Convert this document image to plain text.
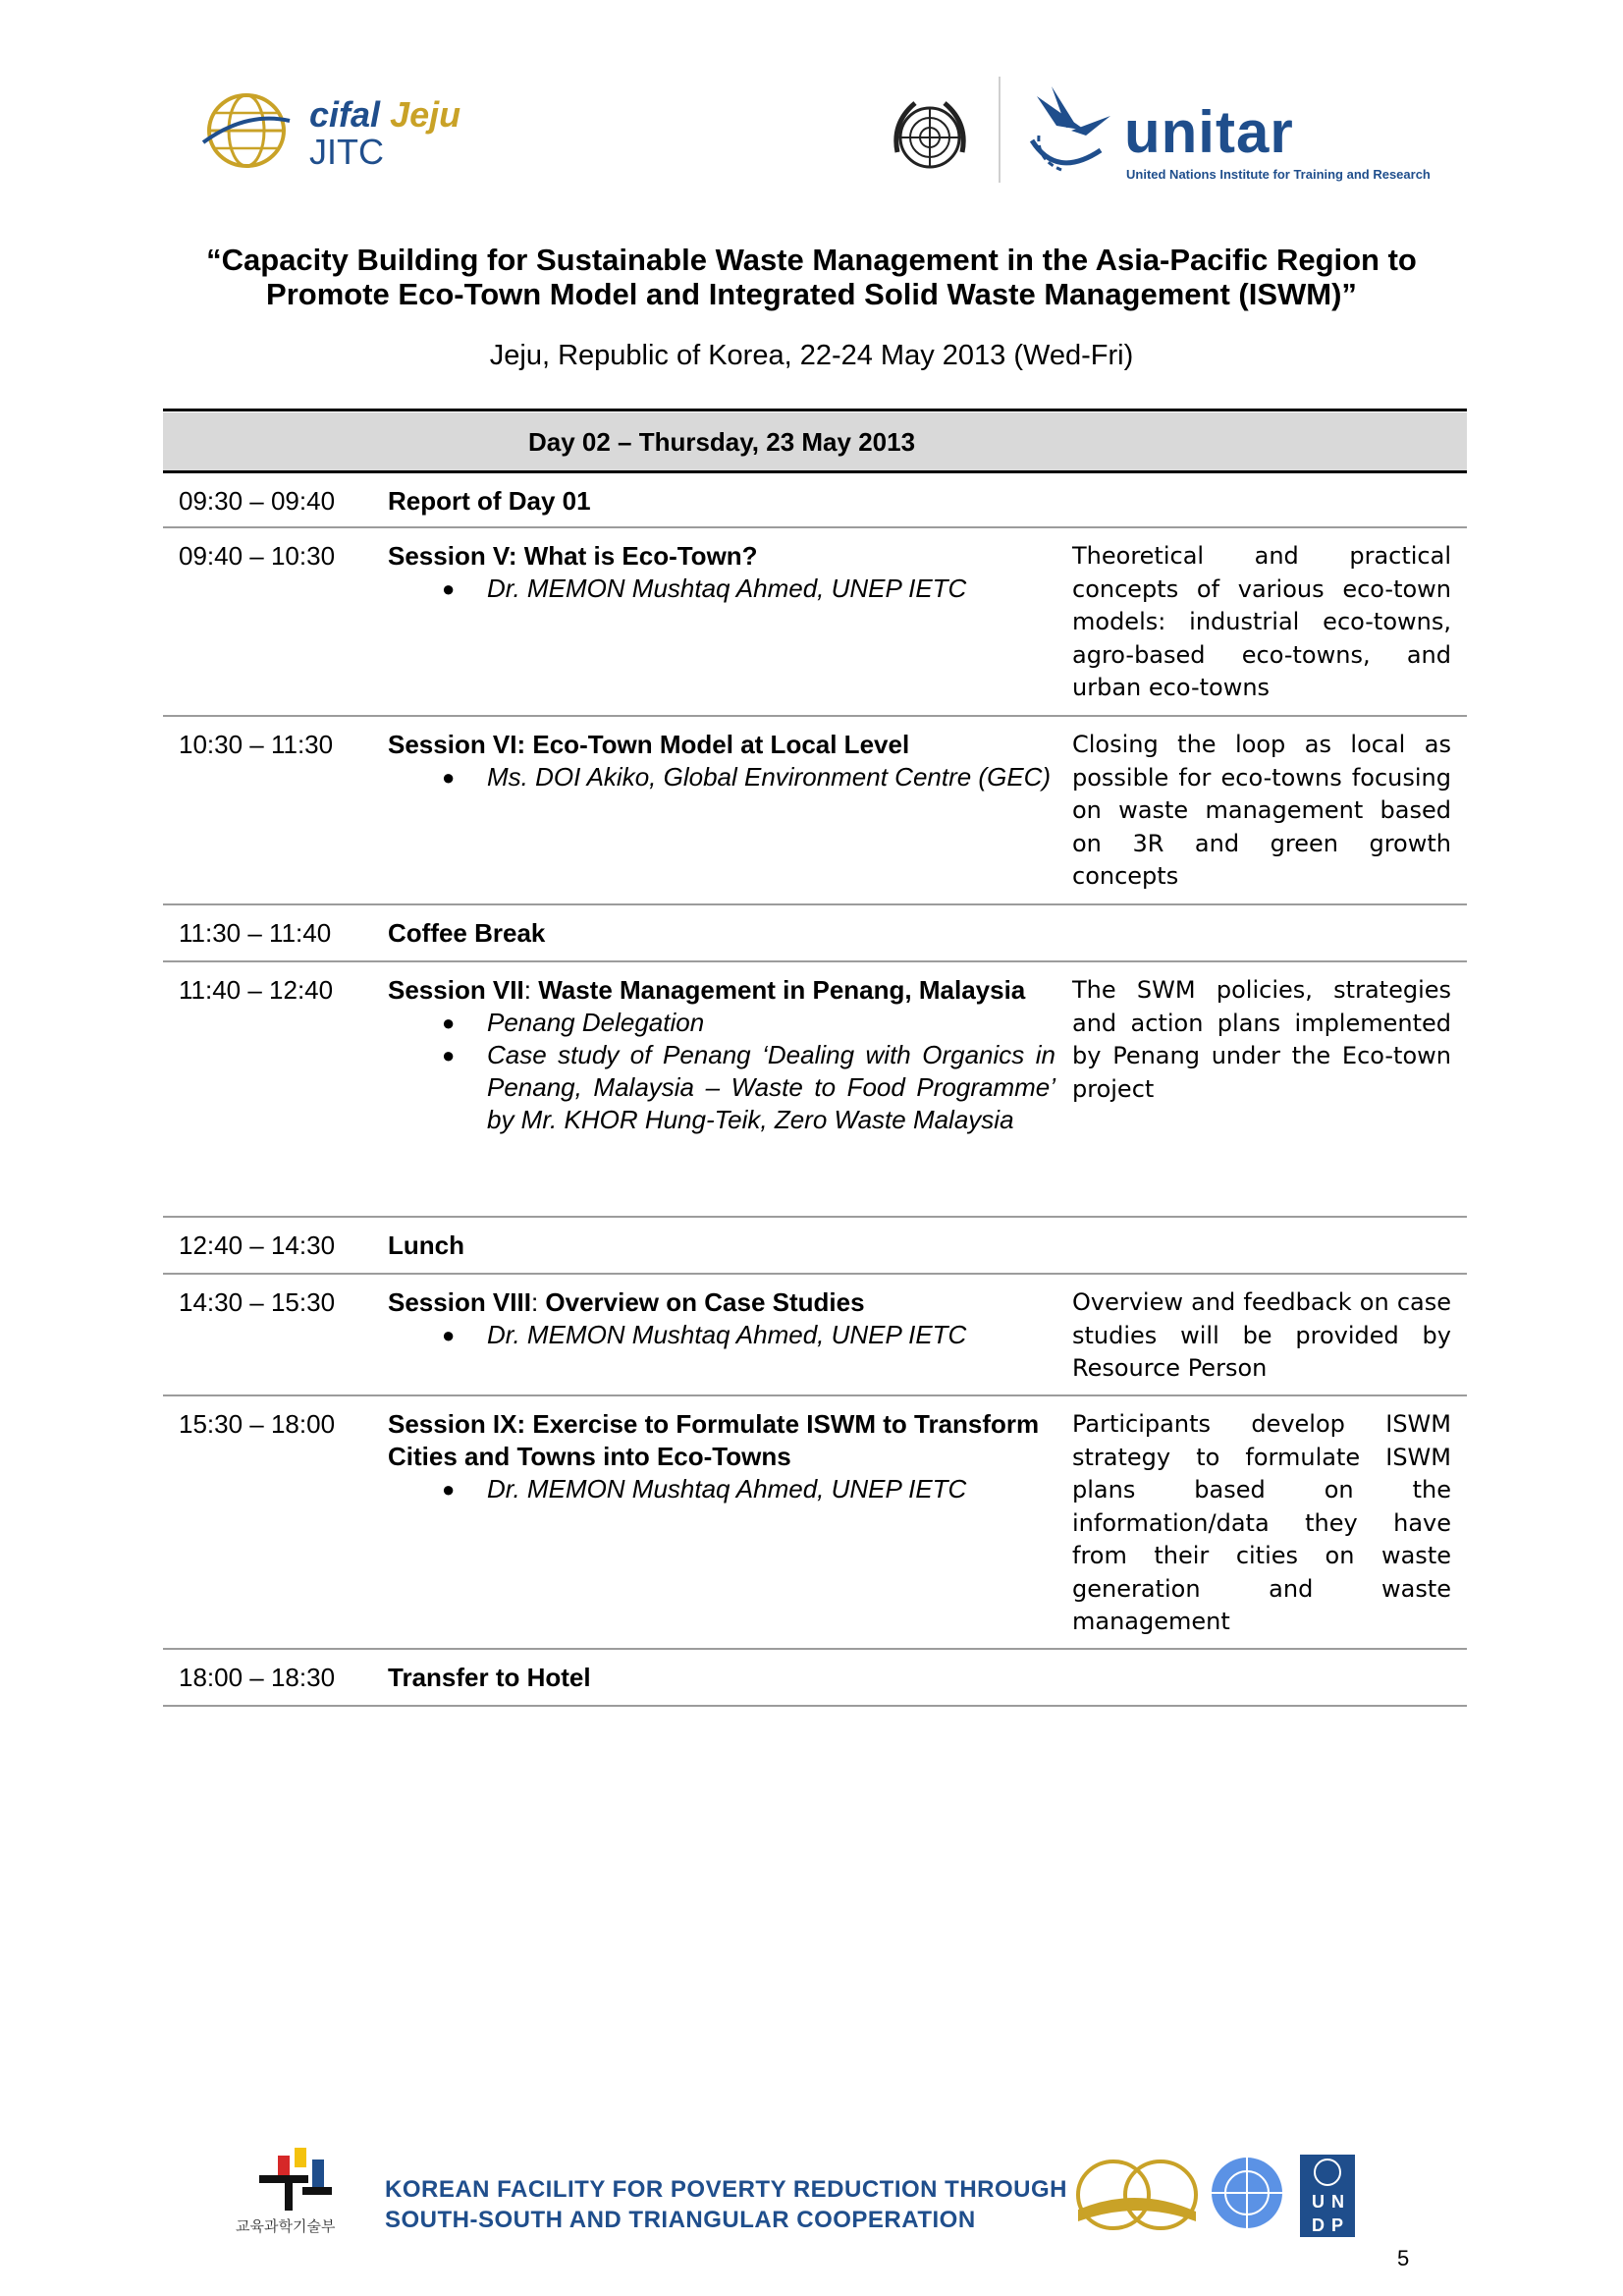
cifal Jeju
JITC	unitar
United Nations Institute for Training and Research
“Capacity Building for Sustainable Waste Management in the Asia-Pacific Region to Promote Eco-Town Model and Integrated Solid Waste Management (ISWM)”
Jeju, Republic of Korea, 22-24 May 2013 (Wed-Fri)
Day 02 – Thursday, 23 May 2013
09:30 – 09:40	Report of Day 01
09:40 – 10:30	Session V: What is Eco-Town?
● Dr. MEMON Mushtaq Ahmed, UNEP IETC
Theoretical and practical concepts of various eco-town models: industrial eco-towns, agro-based eco-towns, and urban eco-towns
10:30 – 11:30	Session VI: Eco-Town Model at Local Level
● Ms. DOI Akiko, Global Environment Centre (GEC)
Closing the loop as local as possible for eco-towns focusing on waste management based on 3R and green growth concepts
11:30 – 11:40	Coffee Break
11:40 – 12:40	Session VII: Waste Management in Penang, Malaysia
● Penang Delegation
● Case study of Penang ‘Dealing with Organics in Penang, Malaysia – Waste to Food Programme’ by Mr. KHOR Hung-Teik, Zero Waste Malaysia
The SWM policies, strategies and action plans implemented by Penang under the Eco-town project
12:40 – 14:30	Lunch
14:30 – 15:30	Session VIII: Overview on Case Studies
● Dr. MEMON Mushtaq Ahmed, UNEP IETC
Overview and feedback on case studies will be provided by Resource Person
15:30 – 18:00	Session IX: Exercise to Formulate ISWM to Transform Cities and Towns into Eco-Towns
● Dr. MEMON Mushtaq Ahmed, UNEP IETC
Participants develop ISWM strategy to formulate ISWM plans based on the information/data they have from their cities on waste generation and waste management
18:00 – 18:30	Transfer to Hotel
교육과학기술부
KOREAN FACILITY FOR POVERTY REDUCTION THROUGH
SOUTH-SOUTH AND TRIANGULAR COOPERATION
U N
D P
5
